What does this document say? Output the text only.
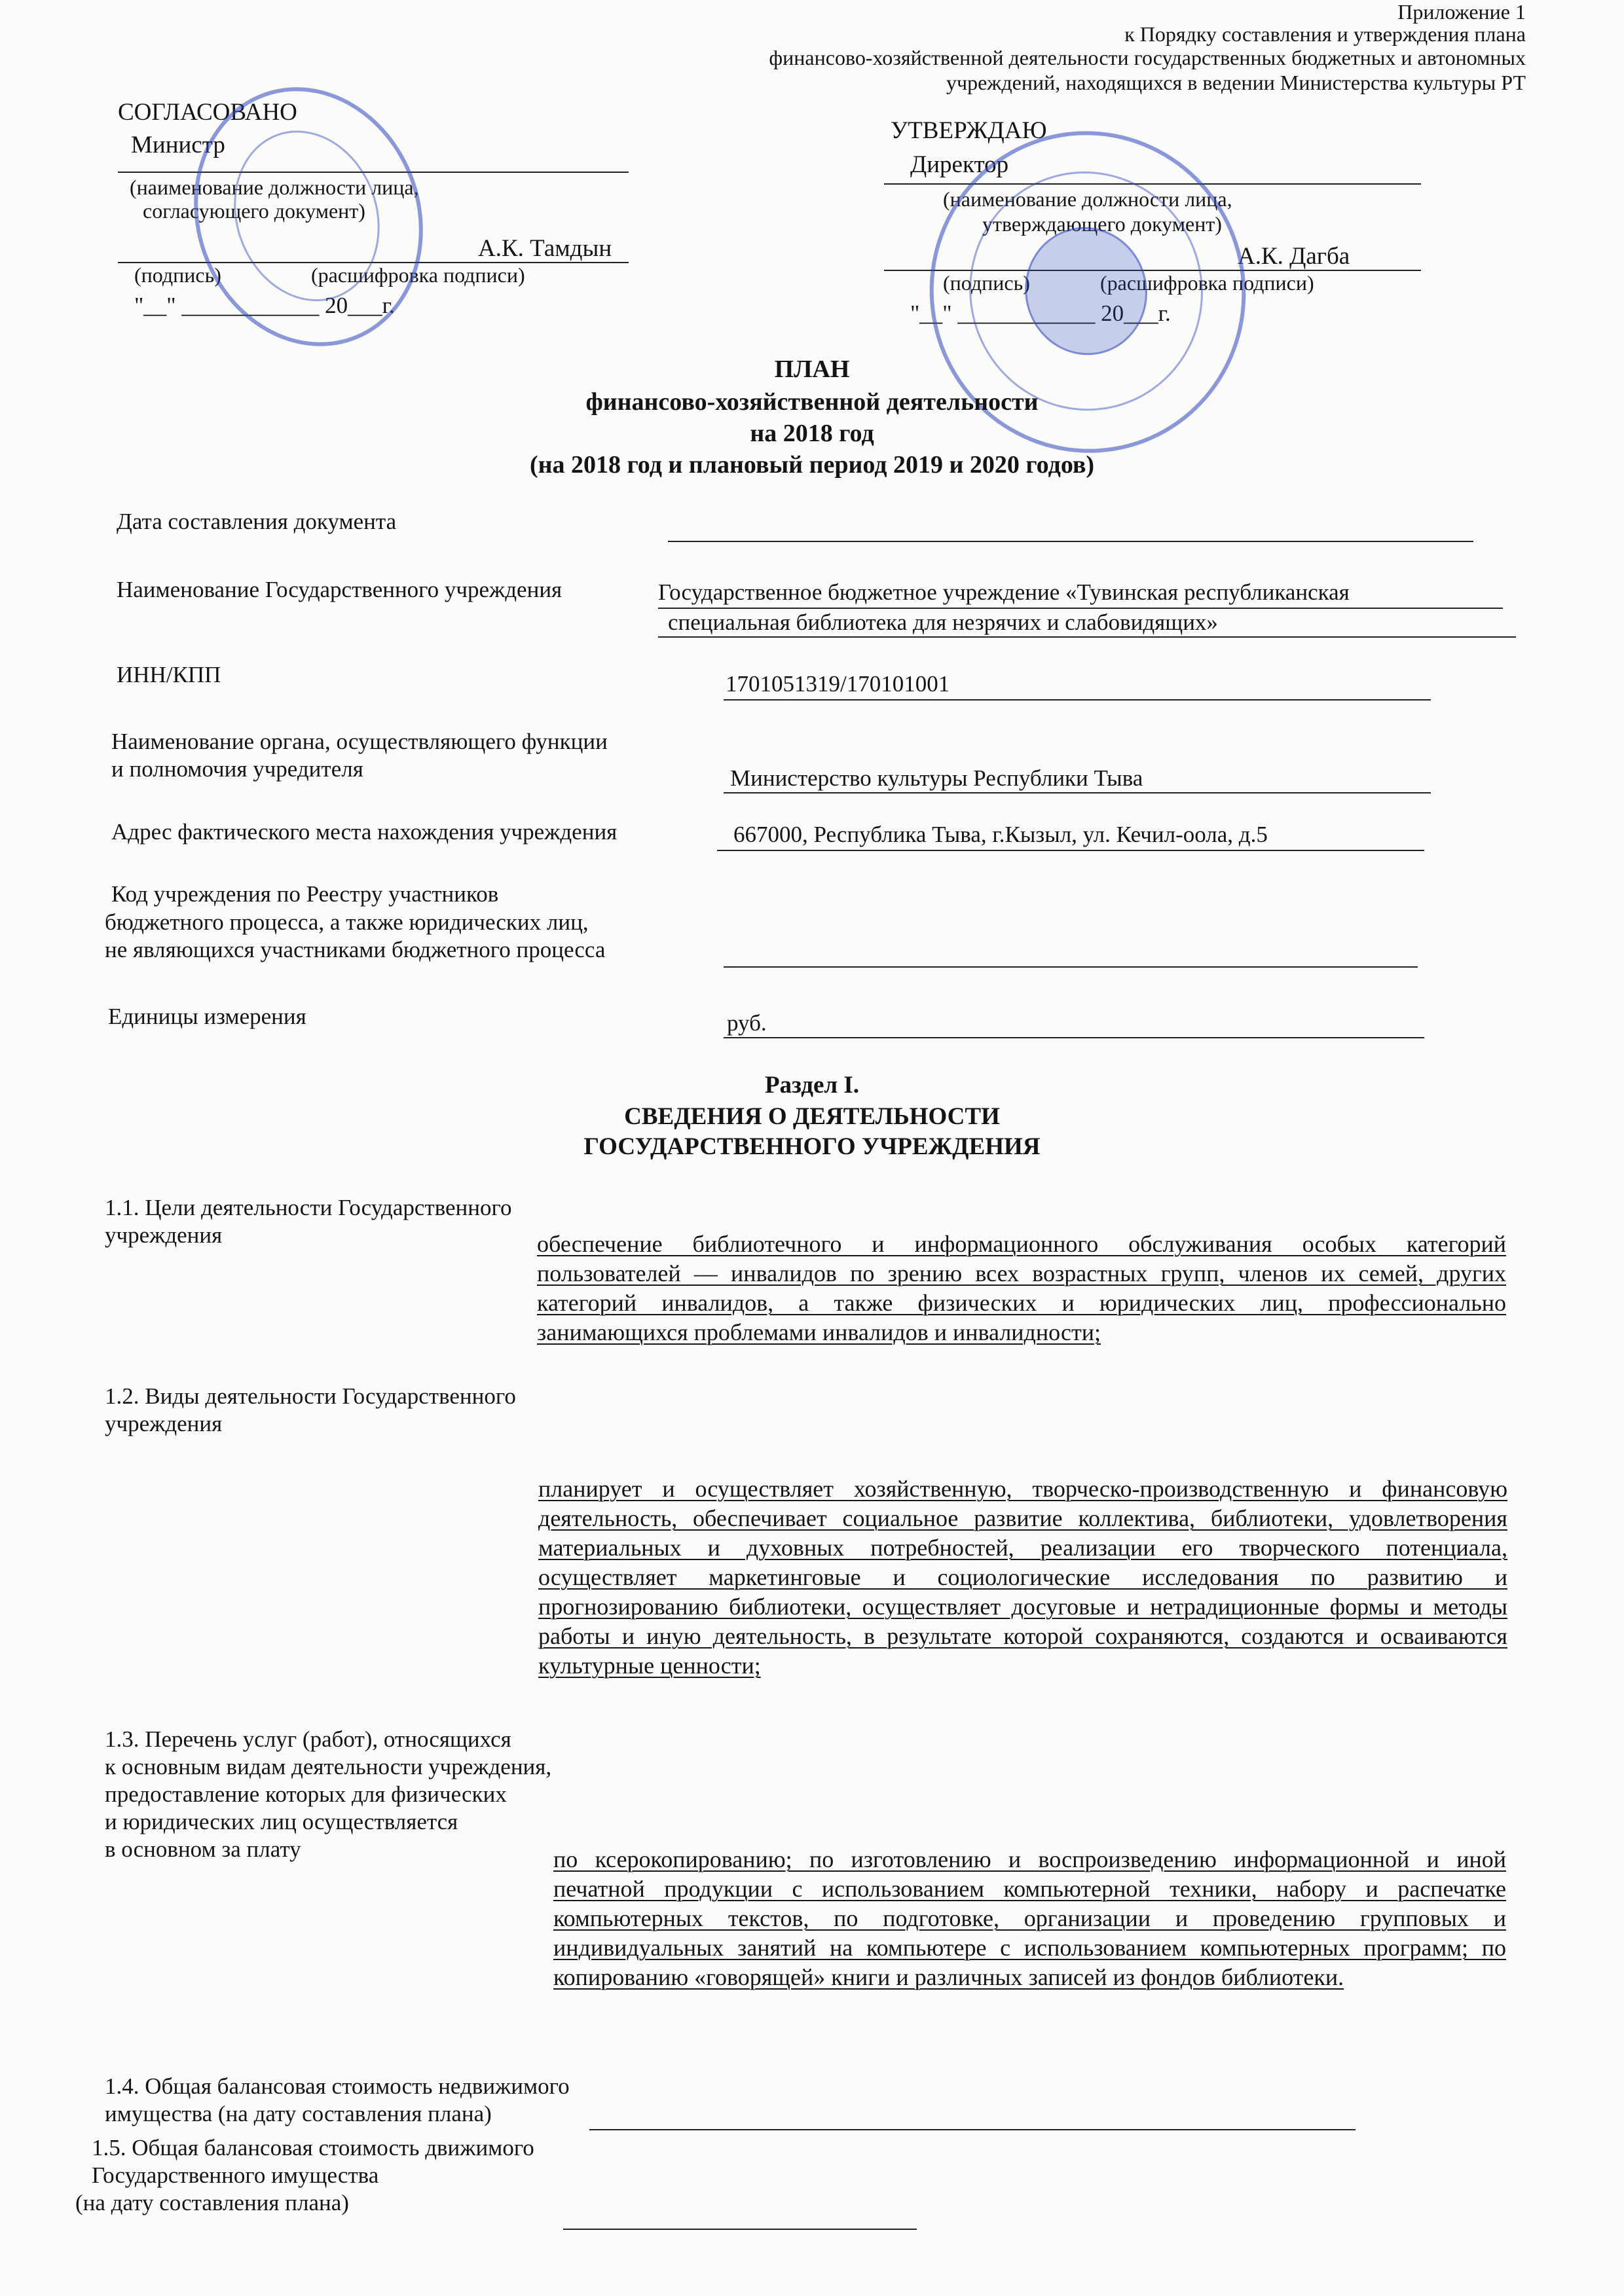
Приложение 1
к Порядку составления и утверждения плана
финансово-хозяйственной деятельности государственных бюджетных и автономных
учреждений, находящихся в ведении Министерства культуры РТ
СОГЛАСОВАНО
Министр
(наименование должности лица,
согласующего документ)
А.К. Тамдын
(подпись)	(расшифровка подписи)
"__" ____________ 20___г.
УТВЕРЖДАЮ
Директор
(наименование должности лица,
утверждающего документ)
А.К. Дагба
(подпись)	(расшифровка подписи)
"__" ____________ 20___г.
ПЛАН
финансово-хозяйственной деятельности
на 2018 год
(на 2018 год и плановый период 2019 и 2020 годов)
Дата составления документа
Наименование Государственного учреждения	Государственное бюджетное учреждение «Тувинская республиканская
специальная библиотека для незрячих и слабовидящих»
ИНН/КПП	1701051319/170101001
Наименование органа, осуществляющего функции
и полномочия учредителя	Министерство культуры Республики Тыва
Адрес фактического места нахождения учреждения	667000, Республика Тыва, г.Кызыл, ул. Кечил-оола, д.5
Код учреждения по Реестру участников
бюджетного процесса, а также юридических лиц,
не являющихся участниками бюджетного процесса
Единицы измерения	руб.
Раздел I.
СВЕДЕНИЯ О ДЕЯТЕЛЬНОСТИ
ГОСУДАРСТВЕННОГО УЧРЕЖДЕНИЯ
1.1. Цели деятельности Государственного
учреждения	обеспечение библиотечного и информационного обслуживания особых категорий пользователей — инвалидов по зрению всех возрастных групп, членов их семей, других категорий инвалидов, а также физических и юридических лиц, профессионально занимающихся проблемами инвалидов и инвалидности;
1.2. Виды деятельности Государственного
учреждения
планирует и осуществляет хозяйственную, творческо-производственную и финансовую деятельность, обеспечивает социальное развитие коллектива, библиотеки, удовлетворения материальных и духовных потребностей, реализации его творческого потенциала, осуществляет маркетинговые и социологические исследования по развитию и прогнозированию библиотеки, осуществляет досуговые и нетрадиционные формы и методы работы и иную деятельность, в результате которой сохраняются, создаются и осваиваются культурные ценности;
1.3. Перечень услуг (работ), относящихся
к основным видам деятельности учреждения,
предоставление которых для физических
и юридических лиц осуществляется
в основном за плату	по ксерокопированию; по изготовлению и воспроизведению информационной и иной печатной продукции с использованием компьютерной техники, набору и распечатке компьютерных текстов, по подготовке, организации и проведению групповых и индивидуальных занятий на компьютере с использованием компьютерных программ; по копированию «говорящей» книги и различных записей из фондов библиотеки.
1.4. Общая балансовая стоимость недвижимого
имущества (на дату составления плана)
1.5. Общая балансовая стоимость движимого
Государственного имущества
(на дату составления плана)
